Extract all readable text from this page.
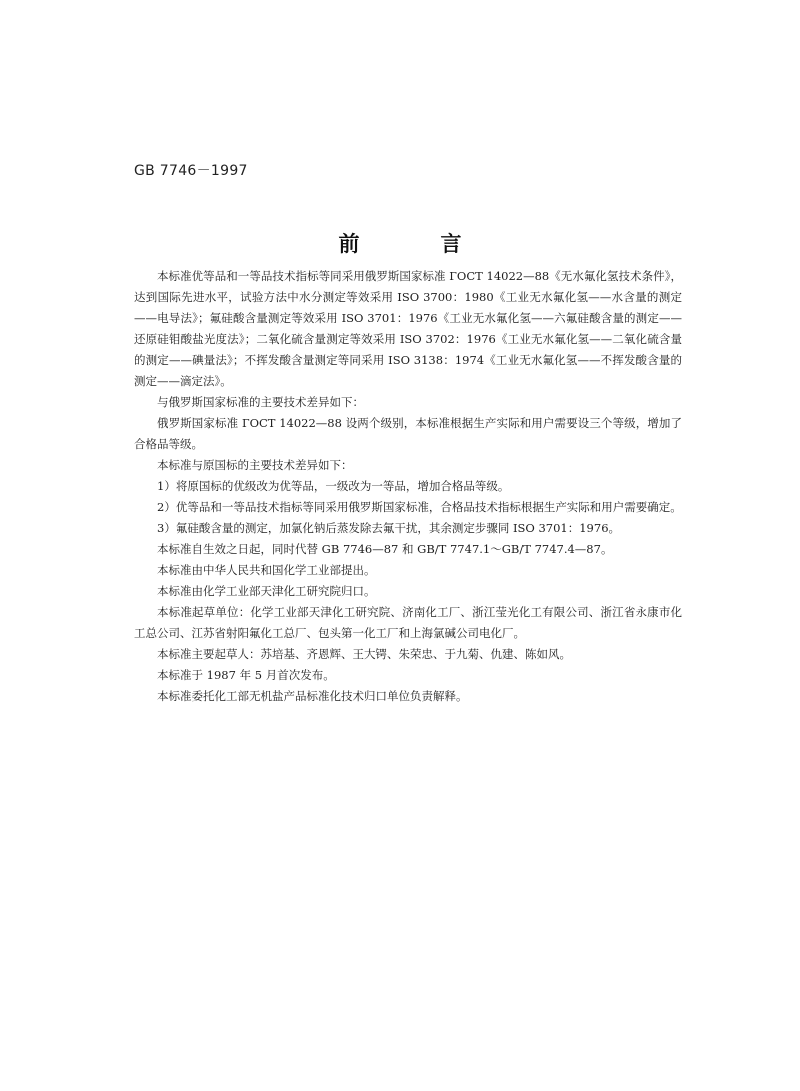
GB 7746－1997
前　言

本标准优等品和一等品技术指标等同采用俄罗斯国家标准 ГОСТ 14022—88《无水氟化氢技术条件》，达到国际先进水平，试验方法中水分测定等效采用 ISO 3700：1980《工业无水氟化氢——水含量的测定——电导法》；氟硅酸含量测定等效采用 ISO 3701：1976《工业无水氟化氢——六氟硅酸含量的测定——还原硅钼酸盐光度法》；二氧化硫含量测定等效采用 ISO 3702：1976《工业无水氟化氢——二氧化硫含量的测定——碘量法》；不挥发酸含量测定等同采用 ISO 3138：1974《工业无水氟化氢——不挥发酸含量的测定——滴定法》。

与俄罗斯国家标准的主要技术差异如下：

俄罗斯国家标准 ГОСТ 14022—88 设两个级别，本标准根据生产实际和用户需要设三个等级，增加了合格品等级。

本标准与原国标的主要技术差异如下：

1）将原国标的优级改为优等品，一级改为一等品，增加合格品等级。

2）优等品和一等品技术指标等同采用俄罗斯国家标准，合格品技术指标根据生产实际和用户需要确定。

3）氟硅酸含量的测定，加氯化钠后蒸发除去氟干扰，其余测定步骤同 ISO 3701：1976。

本标准自生效之日起，同时代替 GB 7746—87 和 GB/T 7747.1～GB/T 7747.4—87。

本标准由中华人民共和国化学工业部提出。

本标准由化学工业部天津化工研究院归口。

本标准起草单位：化学工业部天津化工研究院、济南化工厂、浙江莹光化工有限公司、浙江省永康市化工总公司、江苏省射阳氟化工总厂、包头第一化工厂和上海氯碱公司电化厂。

本标准主要起草人：苏培基、齐恩辉、王大锷、朱荣忠、于九菊、仇建、陈如风。

本标准于 1987 年 5 月首次发布。

本标准委托化工部无机盐产品标准化技术归口单位负责解释。
